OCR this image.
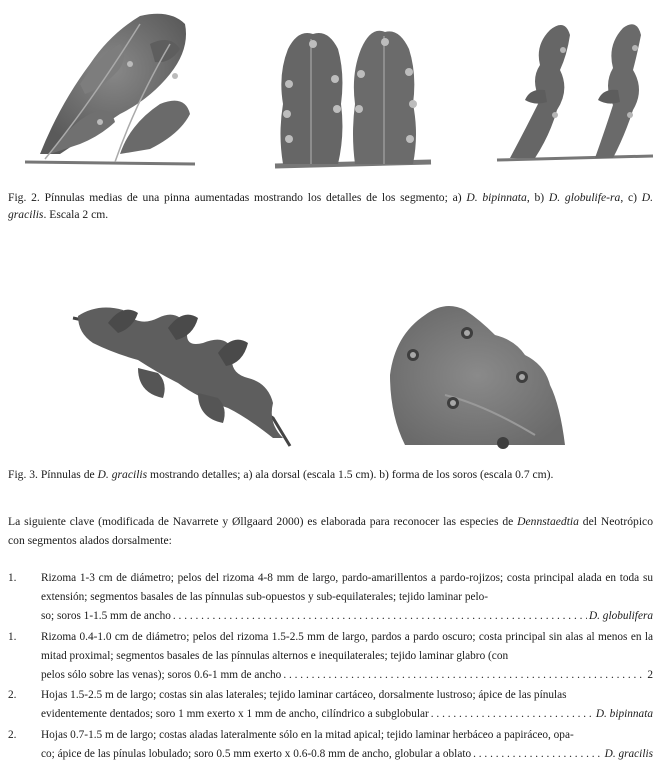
Fig. 2. Pínnulas medias de una pinna aumentadas mostrando los detalles de los segmento; a) D. bipinnata, b) D. globulife-ra, c) D. gracilis. Escala 2 cm.

Fig. 3. Pínnulas de D. gracilis mostrando detalles; a) ala dorsal (escala 1.5 cm). b) forma de los soros (escala 0.7 cm).

La siguiente clave (modificada de Navarrete y Øllgaard 2000) es elaborada para reconocer las especies de Dennstaedtia del Neotrópico con segmentos alados dorsalmente:

1.	Rizoma 1-3 cm de diámetro; pelos del rizoma 4-8 mm de largo, pardo-amarillentos a pardo-rojizos; costa principal alada en toda su extensión; segmentos basales de las pínnulas sub-opuestos y sub-equilaterales; tejido laminar pelo-
so; soros 1-1.5 mm de ancho . . .	D. globulifera
1.	Rizoma 0.4-1.0 cm de diámetro; pelos del rizoma 1.5-2.5 mm de largo, pardos a pardo oscuro; costa principal sin alas al menos en la mitad proximal; segmentos basales de las pínnulas alternos e inequilaterales; tejido laminar glabro (con
pelos sólo sobre las venas); soros 0.6-1 mm de ancho . . .	2
2.	Hojas 1.5-2.5 m de largo; costas sin alas laterales; tejido laminar cartáceo, dorsalmente lustroso; ápice de las pínulas
evidentemente dentados; soro 1 mm exerto x 1 mm de ancho, cilíndrico a subglobular . . .	D. bipinnata
2.	Hojas 0.7-1.5 m de largo; costas aladas lateralmente sólo en la mitad apical; tejido laminar herbáceo a papiráceo, opa-
co; ápice de las pínulas lobulado; soro 0.5 mm exerto x 0.6-0.8 mm de ancho, globular a oblato . . .	D. gracilis
